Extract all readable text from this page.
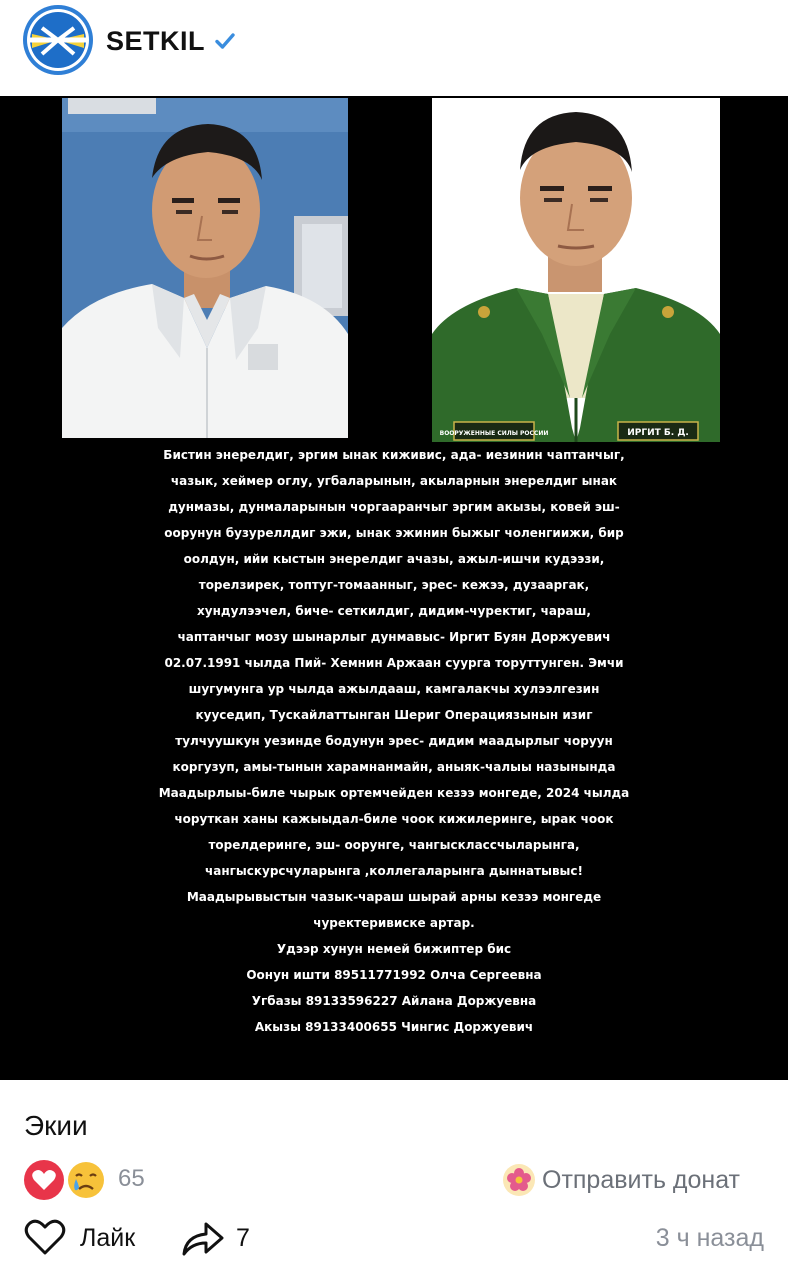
SETKIL
ВООРУЖЕННЫЕ СИЛЫ РОССИИ	ИРГИТ Б. Д.
Бистин энерелдиг, эргим ынак киживис, ада- иезинин чаптанчыг,
чазык, хеймер оглу, угбаларынын, акыларнын энерелдиг ынак
дунмазы, дунмаларынын чоргааранчыг эргим акызы, ковей эш-
оорунун бузуреллдиг эжи, ынак эжинин быжыг чоленгиижи, бир
оолдун, ийи кыстын энерелдиг ачазы, ажыл-ишчи кудээзи,
торелзирек, топтуг-томаанныг, эрес- кежээ, дузааргак,
хундулээчел, биче- сеткилдиг, дидим-чуректиг, чараш,
чаптанчыг мозу шынарлыг дунмавыс- Иргит Буян Доржуевич
02.07.1991 чылда Пий- Хемнин Аржаан суурга торуттунген. Эмчи
шугумунга ур чылда ажылдааш, камгалакчы хулээлгезин
кууседип, Тускайлаттынган Шериг Операциязынын изиг
тулчуушкун уезинде бодунун эрес- дидим маадырлыг чоруун
коргузуп, амы-тынын харамнанмайн, аныяк-чалыы назынында
Маадырлыы-биле чырык ортемчейден кезээ монгеде, 2024 чылда
чоруткан ханы кажыыдал-биле чоок кижилеринге, ырак чоок
торелдеринге, эш- оорунге, чангысклассчыларынга,
чангыскурсчуларынга ,коллегаларынга дыннатывыс!
Маадырывыстын чазык-чараш шырай арны кезээ монгеде
чуректеривиске артар.
Удээр хунун немей бижиптер бис
Оонун ишти 89511771992 Олча Сергеевна
Угбазы 89133596227 Айлана Доржуевна
Акызы 89133400655 Чингис Доржуевич
Экии
65	Отправить донат
Лайк	7	3 ч назад
